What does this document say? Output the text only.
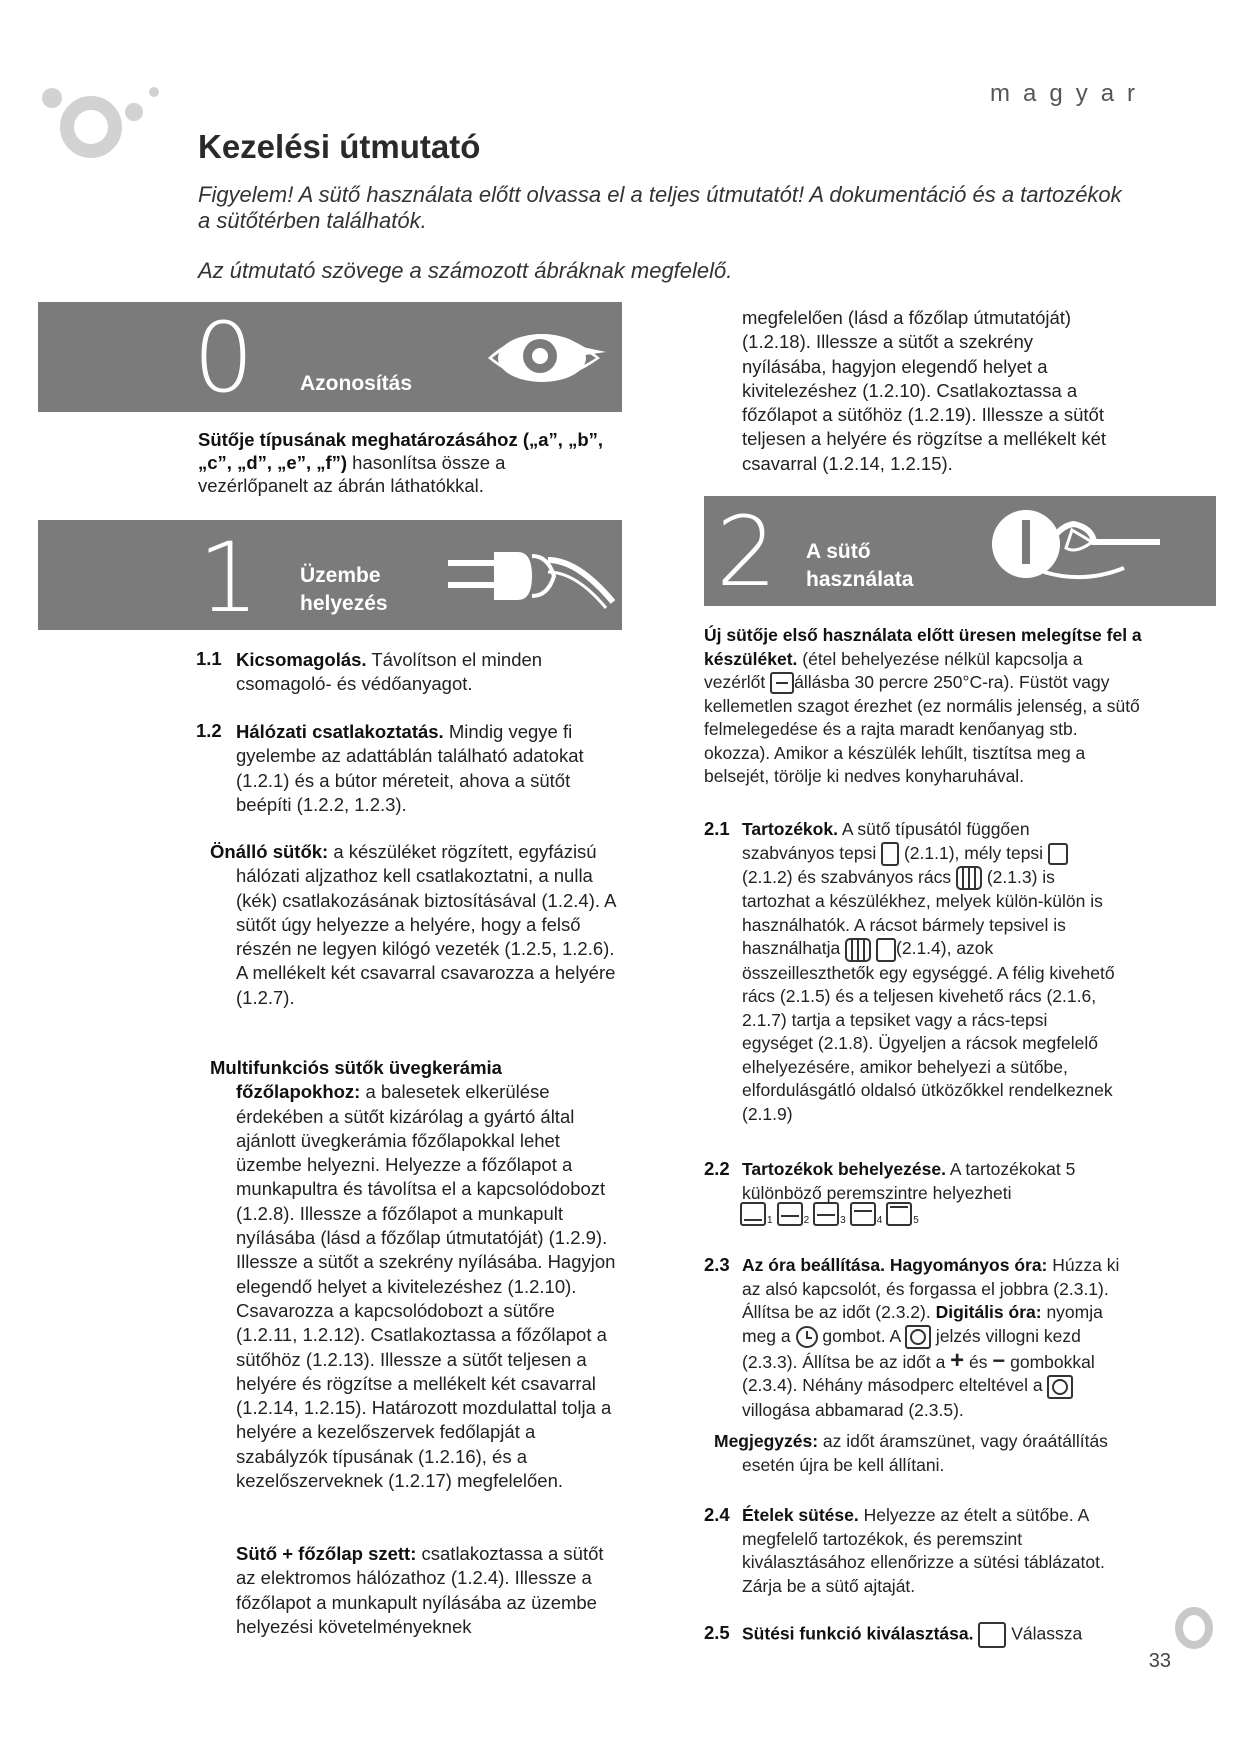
magyar
Kezelési útmutató
Figyelem! A sütő használata előtt olvassa el a teljes útmutatót! A dokumentáció és a tartozékok a sütőtérben találhatók.
Az útmutató szövege a számozott ábráknak megfelelő.
0 Azonosítás
Sütője típusának meghatározásához („a”, „b”, „c”, „d”, „e”, „f”) hasonlítsa össze a vezérlőpanelt az ábrán láthatókkal.
1 Üzembe
helyezés
1.1 Kicsomagolás. Távolítson el minden csomagoló- és védőanyagot.
1.2 Hálózati csatlakoztatás. Mindig vegye fi gyelembe az adattáblán található adatokat (1.2.1) és a bútor méreteit, ahova a sütőt beépíti (1.2.2, 1.2.3).
Önálló sütők: a készüléket rögzített, egyfázisú hálózati aljzathoz kell csatlakoztatni, a nulla (kék) csatlakozásának biztosításával (1.2.4). A sütőt úgy helyezze a helyére, hogy a felső részén ne legyen kilógó vezeték (1.2.5, 1.2.6). A mellékelt két csavarral csavarozza a helyére (1.2.7).
Multifunkciós sütők üvegkerámia főzőlapokhoz: a balesetek elkerülése érdekében a sütőt kizárólag a gyártó által ajánlott üvegkerámia főzőlapokkal lehet üzembe helyezni. Helyezze a főzőlapot a munkapultra és távolítsa el a kapcsolódobozt (1.2.8). Illessze a főzőlapot a munkapult nyílásába (lásd a főzőlap útmutatóját) (1.2.9). Illessze a sütőt a szekrény nyílásába. Hagyjon elegendő helyet a kivitelezéshez (1.2.10). Csavarozza a kapcsolódobozt a sütőre (1.2.11, 1.2.12). Csatlakoztassa a főzőlapot a sütőhöz (1.2.13). Illessze a sütőt teljesen a helyére és rögzítse a mellékelt két csavarral (1.2.14, 1.2.15). Határozott mozdulattal tolja a helyére a kezelőszervek fedőlapját a szabályzók típusának (1.2.16), és a kezelőszerveknek (1.2.17) megfelelően.
Sütő + főzőlap szett: csatlakoztassa a sütőt az elektromos hálózathoz (1.2.4). Illessze a főzőlapot a munkapult nyílásába az üzembe helyezési követelményeknek
megfelelően (lásd a főzőlap útmutatóját) (1.2.18). Illessze a sütőt a szekrény nyílásába, hagyjon elegendő helyet a kivitelezéshez (1.2.10). Csatlakoztassa a főzőlapot a sütőhöz (1.2.19). Illessze a sütőt teljesen a helyére és rögzítse a mellékelt két csavarral (1.2.14, 1.2.15).
2 A sütő
használata
Új sütője első használata előtt üresen melegítse fel a készüléket. (étel behelyezése nélkül kapcsolja a vezérlőt állásba 30 percre 250°C-ra). Füstöt vagy kellemetlen szagot érezhet (ez normális jelenség, a sütő felmelegedése és a rajta maradt kenőanyag stb. okozza). Amikor a készülék lehűlt, tisztítsa meg a belsejét, törölje ki nedves konyharuhával.
2.1 Tartozékok. A sütő típusától függően szabványos tepsi  (2.1.1), mély tepsi  (2.1.2) és szabványos rács  (2.1.3) is tartozhat a készülékhez, melyek külön-külön is használhatók. A rácsot bármely tepsivel is használhatja	(2.1.4), azok összeilleszthetők egy egységgé. A félig kivehető rács (2.1.5) és a teljesen kivehető rács (2.1.6, 2.1.7) tartja a tepsiket vagy a rács-tepsi egységet (2.1.8). Ügyeljen a rácsok megfelelő elhelyezésére, amikor behelyezi a sütőbe, elfordulásgátló oldalsó ütközőkkel rendelkeznek (2.1.9)
2.2 Tartozékok behelyezése. A tartozékokat 5 különböző peremszintre helyezheti
1	2	3	4	5
2.3 Az óra beállítása. Hagyományos óra: Húzza ki az alsó kapcsolót, és forgassa el jobbra (2.3.1). Állítsa be az időt (2.3.2). Digitális óra: nyomja meg a
gombot. A
jelzés villogni kezd (2.3.3). Állítsa be az időt a + és − gombokkal (2.3.4). Néhány másodperc elteltével a
villogása abbamarad (2.3.5).
Megjegyzés: az időt áramszünet, vagy óraátállítás esetén újra be kell állítani.
2.4 Ételek sütése. Helyezze az ételt a sütőbe. A megfelelő tartozékok, és peremszint kiválasztásához ellenőrizze a sütési táblázatot. Zárja be a sütő ajtaját.
2.5 Sütési funkció kiválasztása.  Válassza
33
